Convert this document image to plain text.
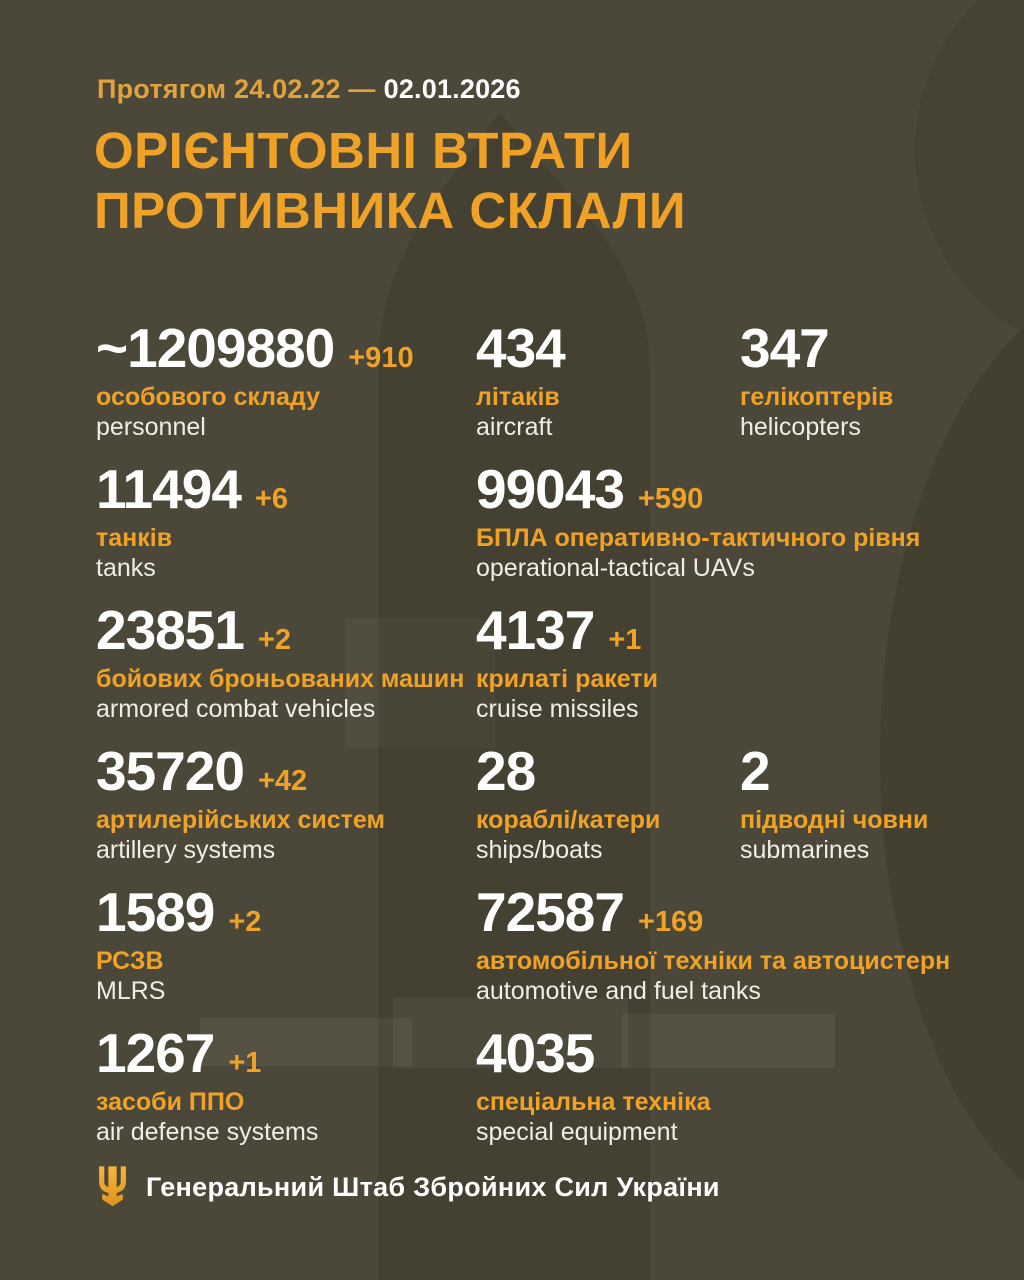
Протягом 24.02.22 — 02.01.2026
ОРІЄНТОВНІ ВТРАТИ
ПРОТИВНИКА СКЛАЛИ
~1209880 +910
особового складу
personnel
434
літаків
aircraft
347
гелікоптерів
helicopters
11494 +6
танків
tanks
99043 +590
БПЛА оперативно-тактичного рівня
operational-tactical UAVs
23851 +2
бойових броньованих машин
armored combat vehicles
4137 +1
крилаті ракети
cruise missiles
35720 +42
артилерійських систем
artillery systems
28
кораблі/катери
ships/boats
2
підводні човни
submarines
1589 +2
РСЗВ
MLRS
72587 +169
автомобільної техніки та автоцистерн
automotive and fuel tanks
1267 +1
засоби ППО
air defense systems
4035
спеціальна техніка
special equipment
Генеральний Штаб Збройних Сил України
